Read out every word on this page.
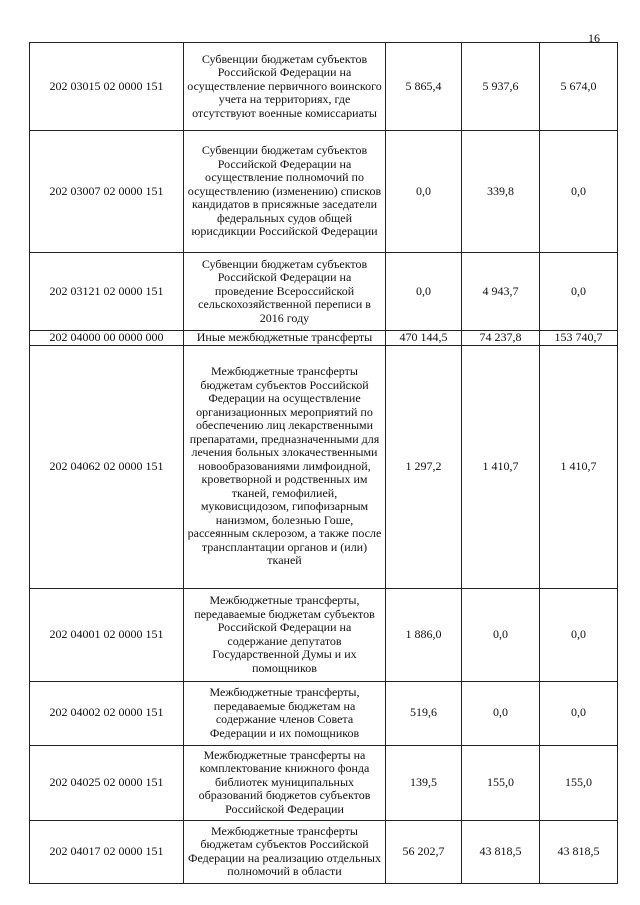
16
202 03015 02 0000 151	Субвенции бюджетам субъектов Российской Федерации на осуществление первичного воинского учета на территориях, где отсутствуют военные комиссариаты	5 865,4	5 937,6	5 674,0
202 03007 02 0000 151	Субвенции бюджетам субъектов Российской Федерации на осуществление полномочий по осуществлению (изменению) списков кандидатов в присяжные заседатели федеральных судов общей юрисдикции Российской Федерации	0,0	339,8	0,0
202 03121 02 0000 151	Субвенции бюджетам субъектов Российской Федерации на проведение Всероссийской сельскохозяйственной переписи в 2016 году	0,0	4 943,7	0,0
202 04000 00 0000 000	Иные межбюджетные трансферты	470 144,5	74 237,8	153 740,7
202 04062 02 0000 151	Межбюджетные трансферты бюджетам субъектов Российской Федерации на осуществление организационных мероприятий по обеспечению лиц лекарственными препаратами, предназначенными для лечения больных злокачественными новообразованиями лимфоидной, кроветворной и родственных им тканей, гемофилией, муковисцидозом, гипофизарным нанизмом, болезнью Гоше, рассеянным склерозом, а также после трансплантации органов и (или) тканей	1 297,2	1 410,7	1 410,7
202 04001 02 0000 151	Межбюджетные трансферты, передаваемые бюджетам субъектов Российской Федерации на содержание депутатов Государственной Думы и их помощников	1 886,0	0,0	0,0
202 04002 02 0000 151	Межбюджетные трансферты, передаваемые бюджетам на содержание членов Совета Федерации и их помощников	519,6	0,0	0,0
202 04025 02 0000 151	Межбюджетные трансферты на комплектование книжного фонда библиотек муниципальных образований бюджетов субъектов Российской Федерации	139,5	155,0	155,0
202 04017 02 0000 151	Межбюджетные трансферты бюджетам субъектов Российской Федерации на реализацию отдельных полномочий в области	56 202,7	43 818,5	43 818,5
